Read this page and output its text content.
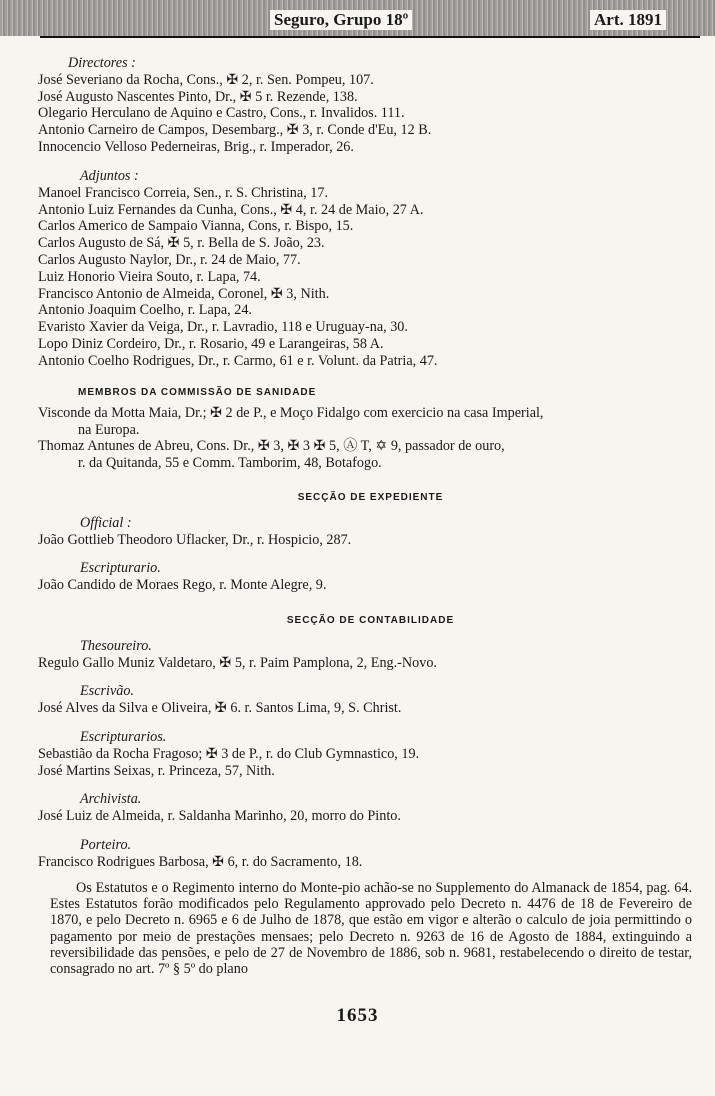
Seguro, Grupo 18º	Art. 1891
Directores :
José Severiano da Rocha, Cons., ✠ 2, r. Sen. Pompeu, 107.
José Augusto Nascentes Pinto, Dr., ✠ 5 r. Rezende, 138.
Olegario Herculano de Aquino e Castro, Cons., r. Invalidos. 111.
Antonio Carneiro de Campos, Desembarg., ✠ 3, r. Conde d'Eu, 12 B.
Innocencio Velloso Pederneiras, Brig., r. Imperador, 26.
Adjuntos :
Manoel Francisco Correia, Sen., r. S. Christina, 17.
Antonio Luiz Fernandes da Cunha, Cons., ✠ 4, r. 24 de Maio, 27 A.
Carlos Americo de Sampaio Vianna, Cons, r. Bispo, 15.
Carlos Augusto de Sá, ✠ 5, r. Bella de S. João, 23.
Carlos Augusto Naylor, Dr., r. 24 de Maio, 77.
Luiz Honorio Vieira Souto, r. Lapa, 74.
Francisco Antonio de Almeida, Coronel, ✠ 3, Nith.
Antonio Joaquim Coelho, r. Lapa, 24.
Evaristo Xavier da Veiga, Dr., r. Lavradio, 118 e Uruguay-na, 30.
Lopo Diniz Cordeiro, Dr., r. Rosario, 49 e Larangeiras, 58 A.
Antonio Coelho Rodrigues, Dr., r. Carmo, 61 e r. Volunt. da Patria, 47.
MEMBROS DA COMMISSÃO DE SANIDADE
Visconde da Motta Maia, Dr.; ✠ 2 de P., e Moço Fidalgo com exercicio na casa Imperial,
na Europa.
Thomaz Antunes de Abreu, Cons. Dr., ✠ 3, ✠ 3 ✠ 5, Ⓐ T, ✡ 9, passador de ouro,
r. da Quitanda, 55 e Comm. Tamborim, 48, Botafogo.
SECÇÃO DE EXPEDIENTE
Official :
João Gottlieb Theodoro Uflacker, Dr., r. Hospicio, 287.
Escripturario.
João Candido de Moraes Rego, r. Monte Alegre, 9.
SECÇÃO DE CONTABILIDADE
Thesoureiro.
Regulo Gallo Muniz Valdetaro, ✠ 5, r. Paim Pamplona, 2, Eng.-Novo.
Escrivão.
José Alves da Silva e Oliveira, ✠ 6. r. Santos Lima, 9, S. Christ.
Escripturarios.
Sebastião da Rocha Fragoso; ✠ 3 de P., r. do Club Gymnastico, 19.
José Martins Seixas, r. Princeza, 57, Nith.
Archivista.
José Luiz de Almeida, r. Saldanha Marinho, 20, morro do Pinto.
Porteiro.
Francisco Rodrigues Barbosa, ✠ 6, r. do Sacramento, 18.
Os Estatutos e o Regimento interno do Monte-pio achão-se no Supplemento do Almanack de 1854, pag. 64. Estes Estatutos forão modificados pelo Regulamento approvado pelo Decreto n. 4476 de 18 de Fevereiro de 1870, e pelo Decreto n. 6965 e 6 de Julho de 1878, que estão em vigor e alterão o calculo de joia permittindo o pagamento por meio de prestações mensaes; pelo Decreto n. 9263 de 16 de Agosto de 1884, extinguindo a reversibilidade das pensões, e pelo de 27 de Novembro de 1886, sob n. 9681, restabelecendo o direito de testar, consagrado no art. 7º § 5º do plano
1653
